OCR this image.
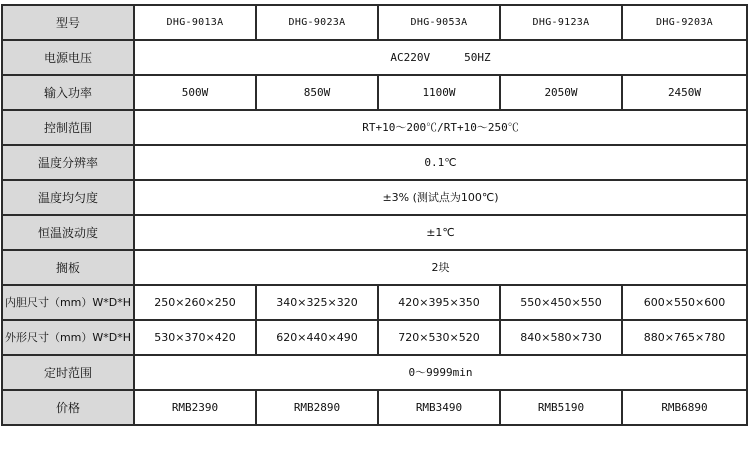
型号	DHG-9013A	DHG-9023A	DHG-9053A	DHG-9123A	DHG-9203A
电源电压	AC220V 50HZ				
输入功率	500W	850W	1100W	2050W	2450W
控制范围	RT+10～200℃/RT+10～250℃				
温度分辨率	0.1℃				
温度均匀度	±3% (测试点为100℃)				
恒温波动度	±1℃				
搁板	2块				
内胆尺寸（mm）W*D*H	250×260×250	340×325×320	420×395×350	550×450×550	600×550×600
外形尺寸（mm）W*D*H	530×370×420	620×440×490	720×530×520	840×580×730	880×765×780
定时范围	0～9999min				
价格	RMB2390	RMB2890	RMB3490	RMB5190	RMB6890
